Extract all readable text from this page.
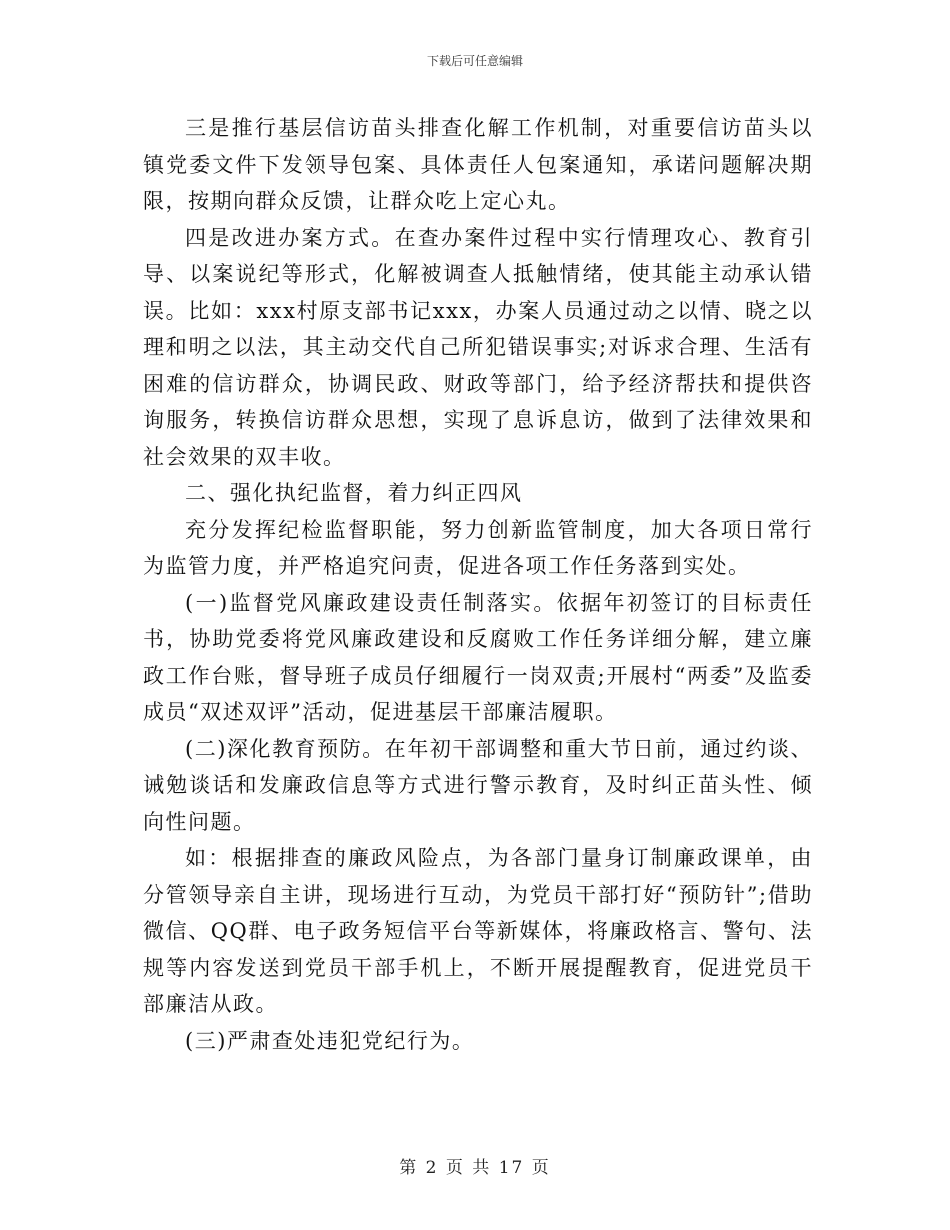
下载后可任意编辑

三是推行基层信访苗头排查化解工作机制，对重要信访苗头以镇党委文件下发领导包案、具体责任人包案通知，承诺问题解决期限，按期向群众反馈，让群众吃上定心丸。

四是改进办案方式。在查办案件过程中实行情理攻心、教育引导、以案说纪等形式，化解被调查人抵触情绪，使其能主动承认错误。比如：xxx村原支部书记xxx，办案人员通过动之以情、晓之以理和明之以法，其主动交代自己所犯错误事实;对诉求合理、生活有困难的信访群众，协调民政、财政等部门，给予经济帮扶和提供咨询服务，转换信访群众思想，实现了息诉息访，做到了法律效果和社会效果的双丰收。

二、强化执纪监督，着力纠正四风

充分发挥纪检监督职能，努力创新监管制度，加大各项日常行为监管力度，并严格追究问责，促进各项工作任务落到实处。

(一)监督党风廉政建设责任制落实。依据年初签订的目标责任书，协助党委将党风廉政建设和反腐败工作任务详细分解，建立廉政工作台账，督导班子成员仔细履行一岗双责;开展村“两委”及监委成员“双述双评”活动，促进基层干部廉洁履职。

(二)深化教育预防。在年初干部调整和重大节日前，通过约谈、诫勉谈话和发廉政信息等方式进行警示教育，及时纠正苗头性、倾向性问题。

如：根据排查的廉政风险点，为各部门量身订制廉政课单，由分管领导亲自主讲，现场进行互动，为党员干部打好“预防针”;借助微信、QQ群、电子政务短信平台等新媒体，将廉政格言、警句、法规等内容发送到党员干部手机上，不断开展提醒教育，促进党员干部廉洁从政。

(三)严肃查处违犯党纪行为。

第 2 页 共 17 页
